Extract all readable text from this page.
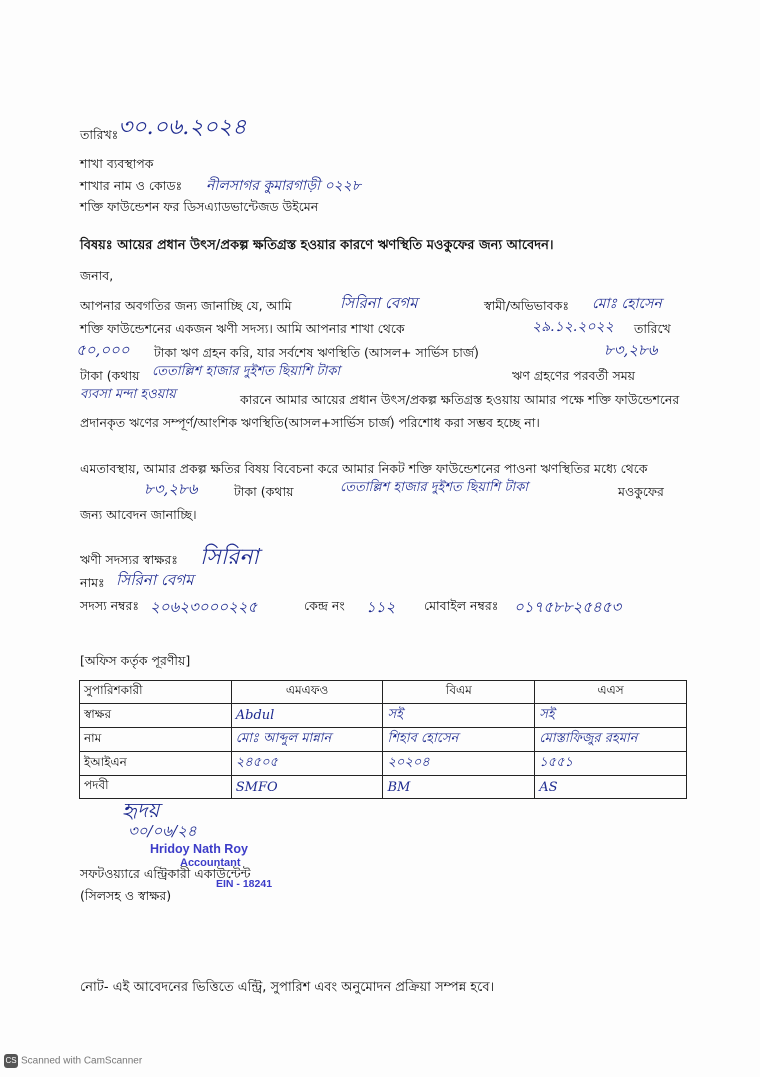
তারিখঃ ৩০.০৬.২০২৪
শাখা ব্যবস্থাপক
শাখার নাম ও কোডঃ নীলসাগর কুমারগাড়ী ০২২৮
শক্তি ফাউন্ডেশন ফর ডিসএ্যাডভান্টেজড উইমেন
বিষয়ঃ আয়ের প্রধান উৎস/প্রকল্প ক্ষতিগ্রস্ত হওয়ার কারণে ঋণস্থিতি মওকুফের জন্য আবেদন।
জনাব,
আপনার অবগতির জন্য জানাচ্ছি যে, আমি	সিরিনা বেগম	স্বামী/অভিভাবকঃ মোঃ হোসেন
শক্তি ফাউন্ডেশনের একজন ঋণী সদস্য। আমি আপনার শাখা থেকে	২৯.১২.২০২২ তারিখে
৫০,০০০ টাকা ঋণ গ্রহন করি, যার সর্বশেষ ঋণস্থিতি (আসল+ সার্ভিস চার্জ)	৮৩,২৮৬
টাকা (কথায় তেতাল্লিশ হাজার দুইশত ছিয়াশি টাকা	ঋণ গ্রহণের পরবর্তী সময়
ব্যবসা মন্দা হওয়ায়	কারনে আমার আয়ের প্রধান উৎস/প্রকল্প ক্ষতিগ্রস্ত হওয়ায় আমার পক্ষে শক্তি ফাউন্ডেশনের প্রদানকৃত ঋণের সম্পূর্ণ/আংশিক ঋণস্থিতি(আসল+সার্ভিস চার্জ) পরিশোধ করা সম্ভব হচ্ছে না।
এমতাবস্থায়, আমার প্রকল্প ক্ষতির বিষয় বিবেচনা করে আমার নিকট শক্তি ফাউন্ডেশনের পাওনা ঋণস্থিতির মধ্যে থেকে
৮৩,২৮৬	টাকা (কথায়	তেতাল্লিশ হাজার দুইশত ছিয়াশি টাকা	মওকুফের জন্য আবেদন জানাচ্ছি।
ঋণী সদস্যর স্বাক্ষরঃ সিরিনা
নামঃ সিরিনা বেগম
সদস্য নম্বরঃ ২০৬২৩০০০২২৫	কেন্দ্র নং ১১২ মোবাইল নম্বরঃ ০১৭৫৮৮২৫৪৫৩
[অফিস কর্তৃক পূরণীয়]
সুপারিশকারী	এমএফও	বিএম	এএস
স্বাক্ষর	Abdul	সই	সই
নাম	মোঃ আব্দুল মান্নান	শিহাব হোসেন	মোস্তাফিজুর রহমান
ইআইএন	২৪৫০৫	২০২০৪	১৫৫১
পদবী	SMFO	BM	AS
হৃদয়
৩০/০৬/২৪
Hridoy Nath Roy
Accountant
সফটওয়্যারে এন্ট্রিকারী একাউন্টেন্ট
(সিলসহ ও স্বাক্ষর)
EIN - 18241
নোট- এই আবেদনের ভিত্তিতে এন্ট্রি, সুপারিশ এবং অনুমোদন প্রক্রিয়া সম্পন্ন হবে।
CS Scanned with CamScanner
